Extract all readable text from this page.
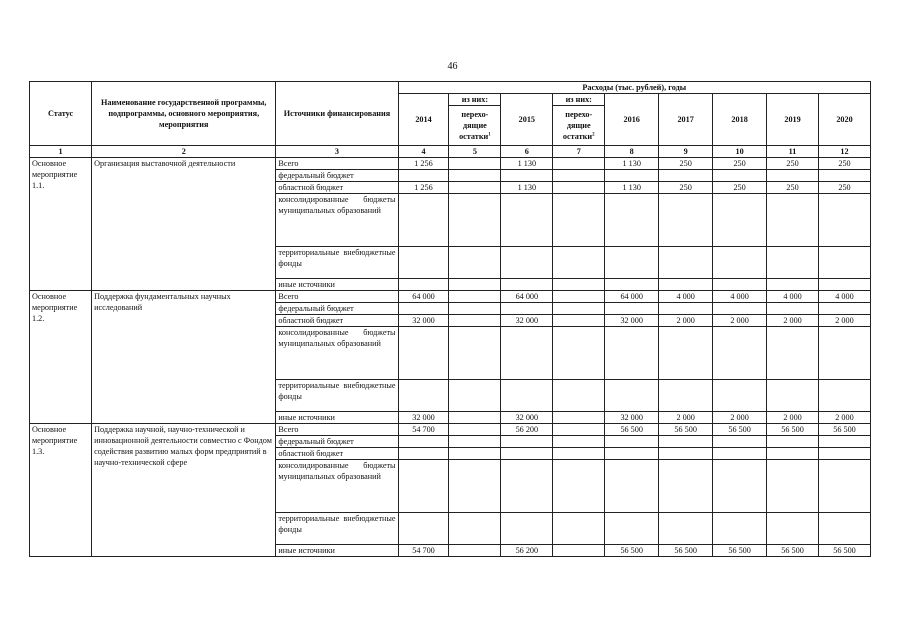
46
Статус	Наименование государственной программы, подпрограммы, основного мероприятия, мероприятия	Источники финансирования	Расходы (тыс. рублей), годы								
			2014	из них:	2015	из них:	2016	2017	2018	2019	2020
				перехо-дящие остатки$^1$		перехо-дящие остатки$^2$
1	2	3	4	5	6	7	8	9	10	11	12
Основное мероприятие 1.1.	Организация выставочной деятельности	Всего	1 256		1 130		1 130	250	250	250	250
		федеральный бюджет									
		областной бюджет	1 256		1 130		1 130	250	250	250	250
		консолидированные бюджеты муниципальных образований									
		территориальные внебюджетные фонды									
		иные источники									
Основное мероприятие 1.2.	Поддержка фундаментальных научных исследований	Всего	64 000		64 000		64 000	4 000	4 000	4 000	4 000
		федеральный бюджет									
		областной бюджет	32 000		32 000		32 000	2 000	2 000	2 000	2 000
		консолидированные бюджеты муниципальных образований									
		территориальные внебюджетные фонды									
		иные источники	32 000		32 000		32 000	2 000	2 000	2 000	2 000
Основное мероприятие 1.3.	Поддержка научной, научно-технической и инновационной деятельности совместно с Фондом содействия развитию малых форм предприятий в научно-технической сфере	Всего	54 700		56 200		56 500	56 500	56 500	56 500	56 500
		федеральный бюджет									
		областной бюджет									
		консолидированные бюджеты муниципальных образований									
		территориальные внебюджетные фонды									
		иные источники	54 700		56 200		56 500	56 500	56 500	56 500	56 500
